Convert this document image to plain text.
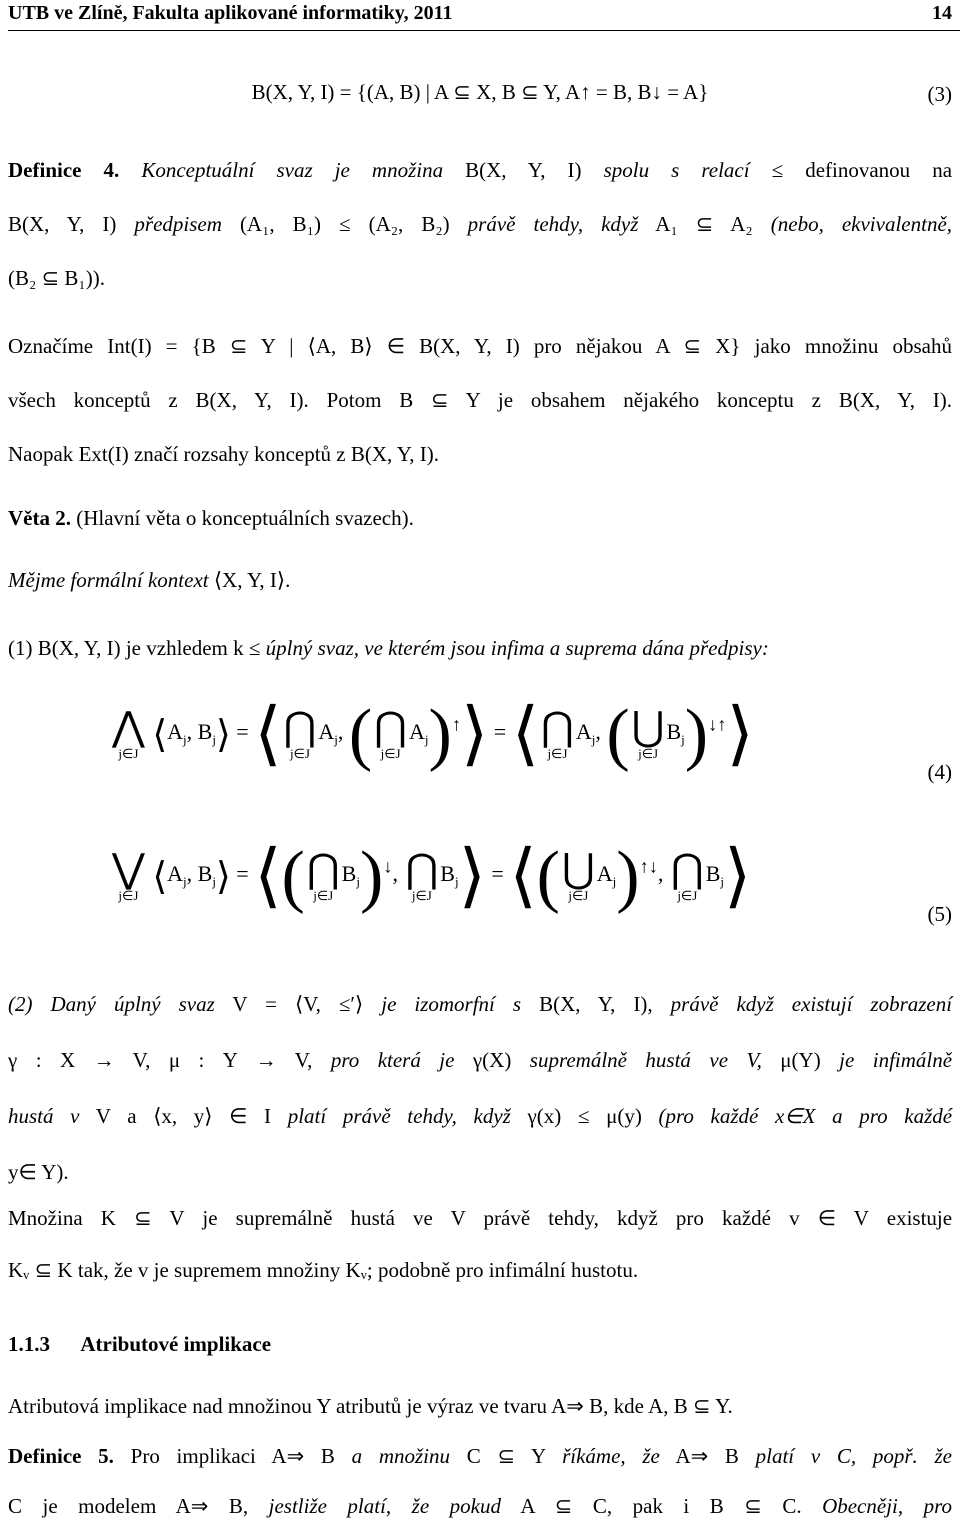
UTB ve Zlíně, Fakulta aplikované informatiky, 2011	14
B(X, Y, I) = {(A, B) | A ⊆ X, B ⊆ Y, A↑ = B, B↓ = A}	(3)
Definice 4. Konceptuální svaz je množina B(X, Y, I) spolu s relací ≤ definovanou na
B(X, Y, I) předpisem (A₁, B₁) ≤ (A₂, B₂) právě tehdy, když A₁ ⊆ A₂ (nebo, ekvivalentně,
(B₂ ⊆ B₁)).
Označíme Int(I) = {B ⊆ Y | ⟨A, B⟩ ∈ B(X, Y, I) pro nějakou A ⊆ X} jako množinu obsahů
všech konceptů z B(X, Y, I). Potom B ⊆ Y je obsahem nějakého konceptu z B(X, Y, I).
Naopak Ext(I) značí rozsahy konceptů z B(X, Y, I).
Věta 2. (Hlavní věta o konceptuálních svazech).
Mějme formální kontext ⟨X, Y, I⟩.
(1) B(X, Y, I) je vzhledem k ≤ úplný svaz, ve kterém jsou infima a suprema dána předpisy:
⋀
j∈J $⟨A_j$, $B_j⟩$ = ⟨ ⋂
j∈J
$A_j$, ( ⋂
j∈J
$A_j)^↑⟩$ = ⟨ ⋂
j∈J
$A_j$, ( ⋃
j∈J
$B_j)^{↓↑}⟩$	(4)
⋁
j∈J $⟨A_j$, $B_j⟩$ = ⟨( ⋂
j∈J
$B_j)^↓$, ⋂
j∈J
$B_j⟩$ = ⟨( ⋃
j∈J
$A_j)^{↑↓}$, ⋂
j∈J
$B_j⟩$	(5)
(2) Daný úplný svaz V = ⟨V, ≤′⟩ je izomorfní s B(X, Y, I), právě když existují zobrazení
γ : X → V, μ : Y → V, pro která je γ(X) supremálně hustá ve V, μ(Y) je infimálně
hustá v V a ⟨x, y⟩ ∈ I platí právě tehdy, když γ(x) ≤ μ(y) (pro každé x∈X a pro každé
y∈ Y).
Množina K ⊆ V je supremálně hustá ve V právě tehdy, když pro každé v ∈ V existuje
Kᵥ ⊆ K tak, že v je supremem množiny Kᵥ; podobně pro infimální hustotu.
1.1.3 Atributové implikace
Atributová implikace nad množinou Y atributů je výraz ve tvaru A⇒ B, kde A, B ⊆ Y.
Definice 5. Pro implikaci A⇒ B a množinu C ⊆ Y říkáme, že A⇒ B platí v C, popř. že
C je modelem A⇒ B, jestliže platí, že pokud A ⊆ C, pak i B ⊆ C. Obecněji, pro
